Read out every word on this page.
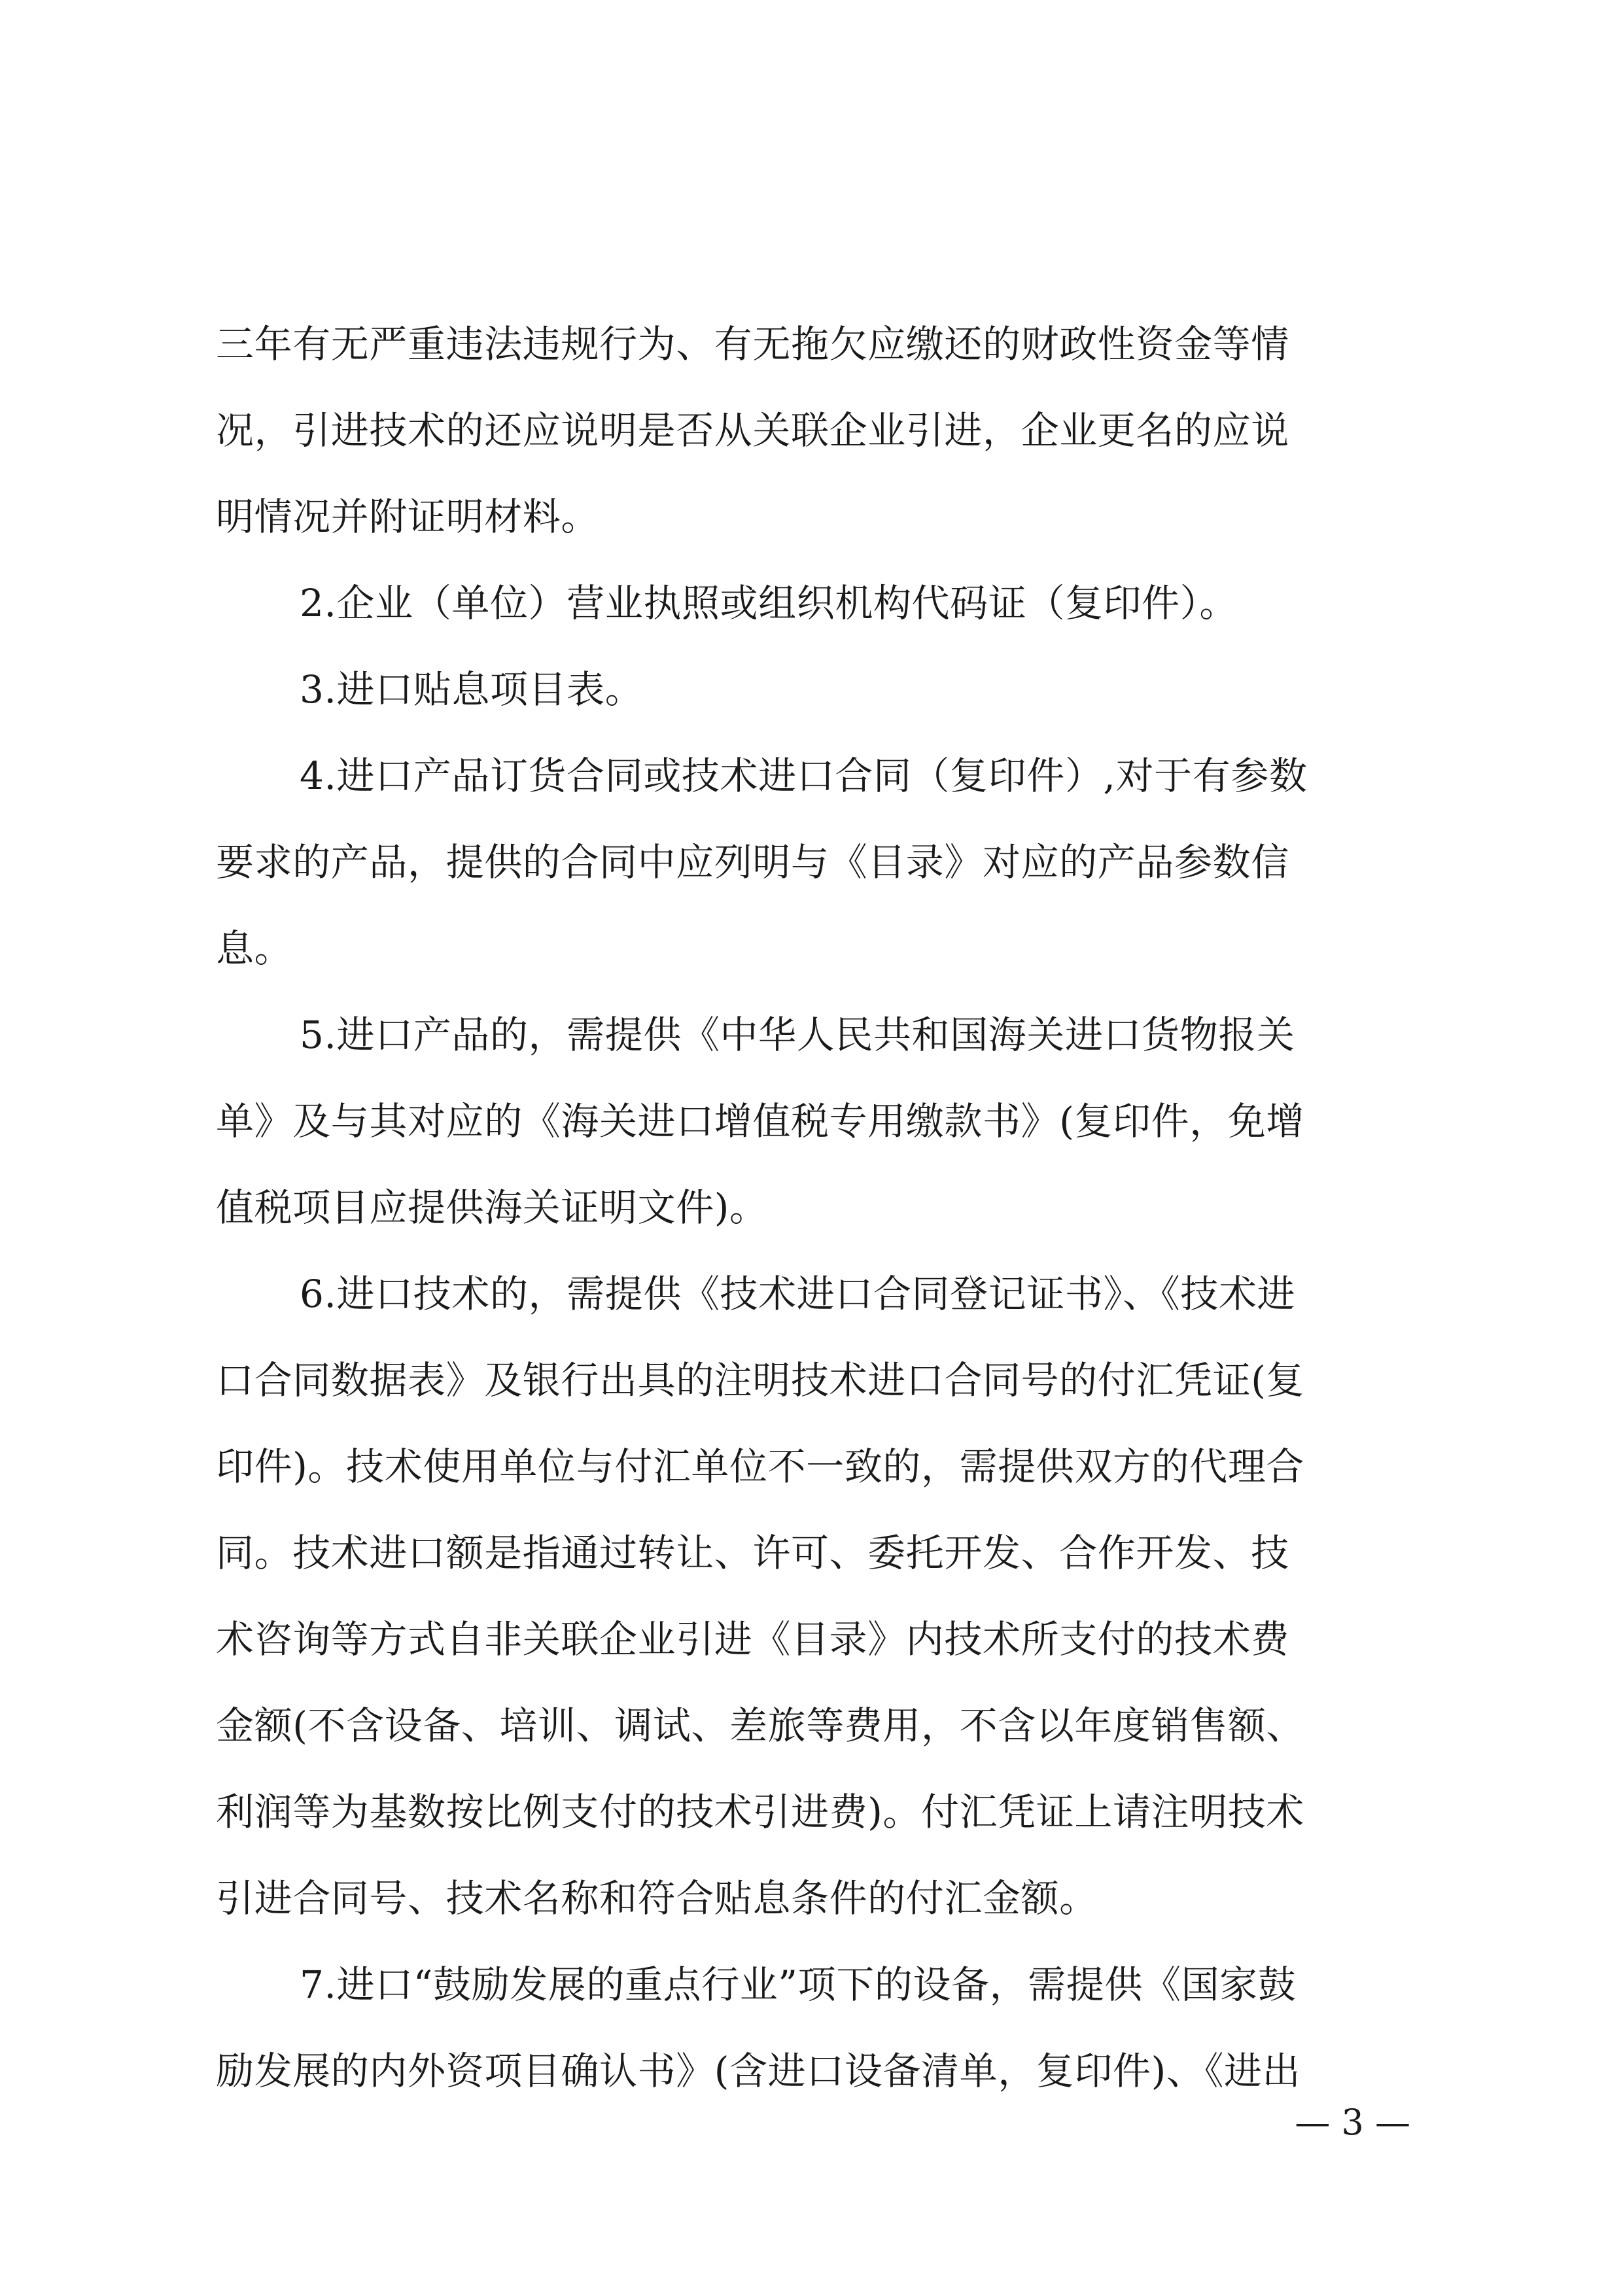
三年有无严重违法违规行为、有无拖欠应缴还的财政性资金等情
况，引进技术的还应说明是否从关联企业引进，企业更名的应说
明情况并附证明材料。
2.企业（单位）营业执照或组织机构代码证（复印件）。
3.进口贴息项目表。
4.进口产品订货合同或技术进口合同（复印件）,对于有参数
要求的产品，提供的合同中应列明与《目录》对应的产品参数信
息。
5.进口产品的，需提供《中华人民共和国海关进口货物报关
单》及与其对应的《海关进口增值税专用缴款书》(复印件，免增
值税项目应提供海关证明文件)。
6.进口技术的，需提供《技术进口合同登记证书》、《技术进
口合同数据表》及银行出具的注明技术进口合同号的付汇凭证(复
印件)。技术使用单位与付汇单位不一致的，需提供双方的代理合
同。技术进口额是指通过转让、许可、委托开发、合作开发、技
术咨询等方式自非关联企业引进《目录》内技术所支付的技术费
金额(不含设备、培训、调试、差旅等费用，不含以年度销售额、
利润等为基数按比例支付的技术引进费)。付汇凭证上请注明技术
引进合同号、技术名称和符合贴息条件的付汇金额。
7.进口“鼓励发展的重点行业”项下的设备，需提供《国家鼓
励发展的内外资项目确认书》(含进口设备清单，复印件)、《进出
— 3 —
